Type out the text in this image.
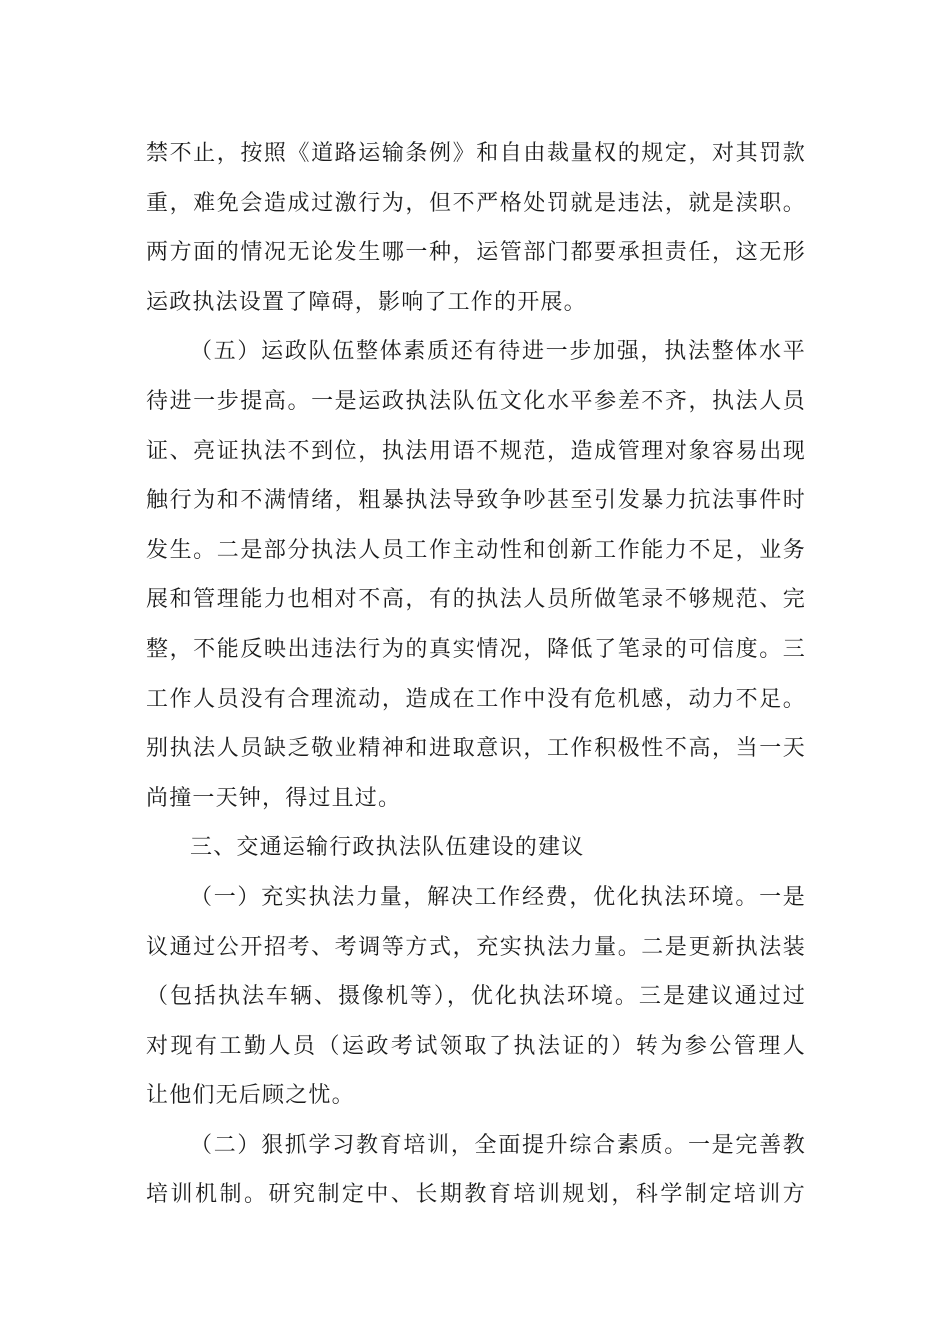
禁不止，按照《道路运输条例》和自由裁量权的规定，对其罚款
重，难免会造成过激行为，但不严格处罚就是违法，就是渎职。
两方面的情况无论发生哪一种，运管部门都要承担责任，这无形
运政执法设置了障碍，影响了工作的开展。
（五）运政队伍整体素质还有待进一步加强，执法整体水平
待进一步提高。一是运政执法队伍文化水平参差不齐，执法人员
证、亮证执法不到位，执法用语不规范，造成管理对象容易出现
触行为和不满情绪，粗暴执法导致争吵甚至引发暴力抗法事件时
发生。二是部分执法人员工作主动性和创新工作能力不足，业务
展和管理能力也相对不高，有的执法人员所做笔录不够规范、完
整，不能反映出违法行为的真实情况，降低了笔录的可信度。三
工作人员没有合理流动，造成在工作中没有危机感，动力不足。
别执法人员缺乏敬业精神和进取意识，工作积极性不高，当一天
尚撞一天钟，得过且过。
三、交通运输行政执法队伍建设的建议
（一）充实执法力量，解决工作经费，优化执法环境。一是
议通过公开招考、考调等方式，充实执法力量。二是更新执法装
（包括执法车辆、摄像机等），优化执法环境。三是建议通过过
对现有工勤人员（运政考试领取了执法证的）转为参公管理人
让他们无后顾之忧。
（二）狠抓学习教育培训，全面提升综合素质。一是完善教
培训机制。研究制定中、长期教育培训规划，科学制定培训方
